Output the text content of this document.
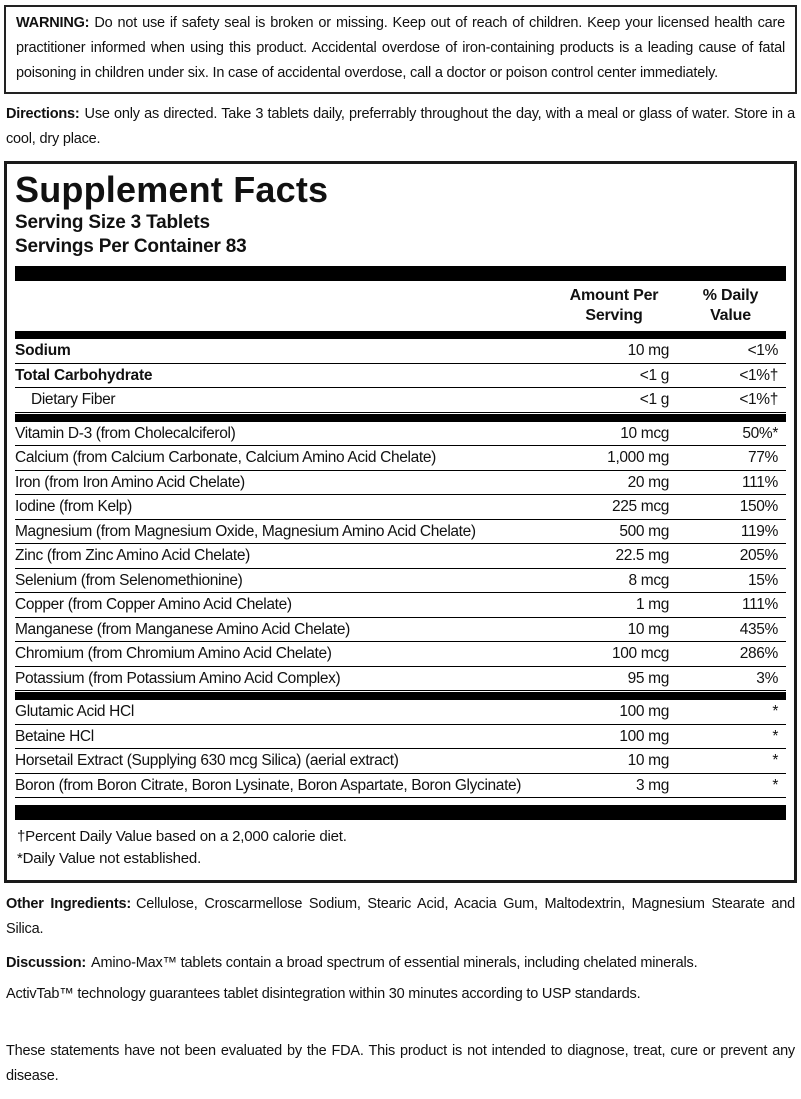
WARNING: Do not use if safety seal is broken or missing. Keep out of reach of children. Keep your licensed health care practitioner informed when using this product. Accidental overdose of iron-containing products is a leading cause of fatal poisoning in children under six. In case of accidental overdose, call a doctor or poison control center immediately.
Directions: Use only as directed. Take 3 tablets daily, preferrably throughout the day, with a meal or glass of water. Store in a cool, dry place.
Supplement Facts
Serving Size 3 Tablets
Servings Per Container 83
Amount Per Serving
% Daily Value
Sodium	10 mg	<1%
Total Carbohydrate	<1 g	<1%†
Dietary Fiber	<1 g	<1%†
Vitamin D-3 (from Cholecalciferol)	10 mcg	50%*
Calcium (from Calcium Carbonate, Calcium Amino Acid Chelate)	1,000 mg	77%
Iron (from Iron Amino Acid Chelate)	20 mg	111%
Iodine (from Kelp)	225 mcg	150%
Magnesium (from Magnesium Oxide, Magnesium Amino Acid Chelate)	500 mg	119%
Zinc (from Zinc Amino Acid Chelate)	22.5 mg	205%
Selenium (from Selenomethionine)	8 mcg	15%
Copper (from Copper Amino Acid Chelate)	1 mg	111%
Manganese (from Manganese Amino Acid Chelate)	10 mg	435%
Chromium (from Chromium Amino Acid Chelate)	100 mcg	286%
Potassium (from Potassium Amino Acid Complex)	95 mg	3%
Glutamic Acid HCl	100 mg	*
Betaine HCl	100 mg	*
Horsetail Extract (Supplying 630 mcg Silica) (aerial extract)	10 mg	*
Boron (from Boron Citrate, Boron Lysinate, Boron Aspartate, Boron Glycinate)	3 mg	*
†Percent Daily Value based on a 2,000 calorie diet.
*Daily Value not established.
Other Ingredients: Cellulose, Croscarmellose Sodium, Stearic Acid, Acacia Gum, Maltodextrin, Magnesium Stearate and Silica.
Discussion: Amino-Max™ tablets contain a broad spectrum of essential minerals, including chelated minerals.
ActivTab™ technology guarantees tablet disintegration within 30 minutes according to USP standards.
These statements have not been evaluated by the FDA. This product is not intended to diagnose, treat, cure or prevent any disease.
